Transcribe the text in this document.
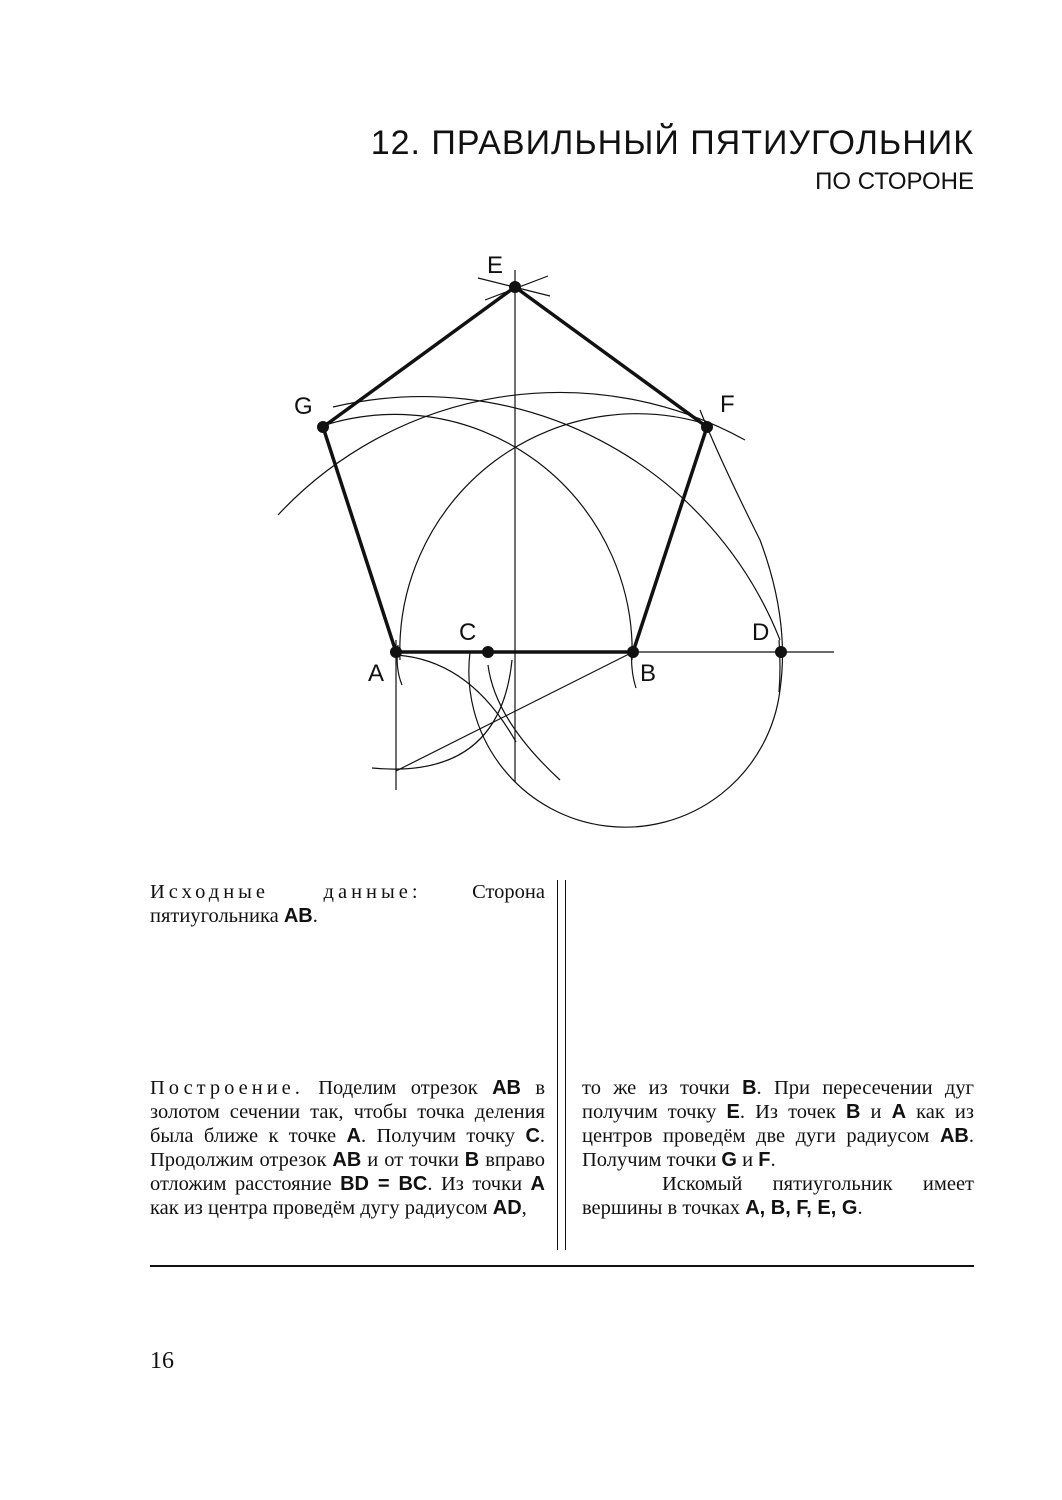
12. ПРАВИЛЬНЫЙ ПЯТИУГОЛЬНИК
ПО СТОРОНЕ
A
C
B
D
E
F
G
Исходные данные: Сторона пятиугольника AB.
Построение. Поделим отрезок AB в золотом сечении так, чтобы точка деления была ближе к точке A. Получим точку C. Продолжим отрезок AB и от точки B вправо отложим расстояние BD = BC. Из точки A как из центра проведём дугу радиусом AD,
то же из точки B. При пересечении дуг получим точку E. Из точек B и A как из центров проведём две дуги радиусом AB. Получим точки G и F.
Искомый пятиугольник имеет вершины в точках A, B, F, E, G.
16
